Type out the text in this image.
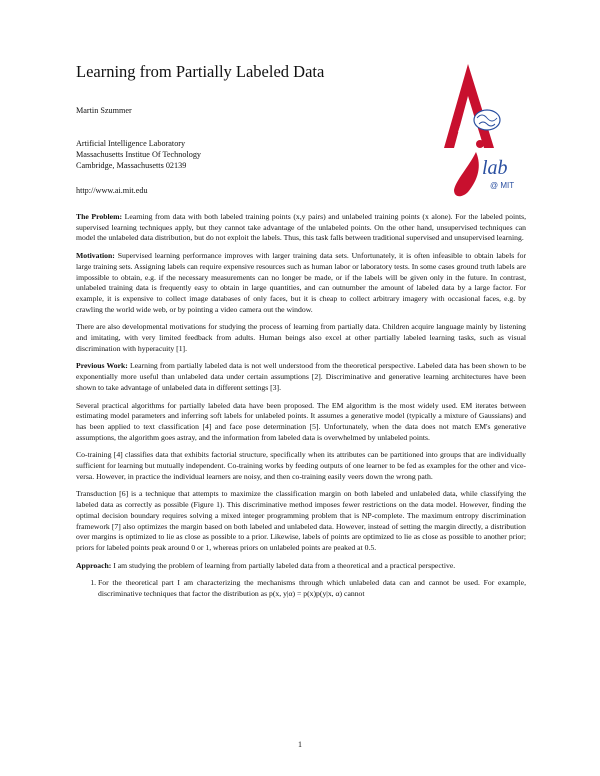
Learning from Partially Labeled Data
Martin Szummer
Artificial Intelligence Laboratory
Massachusetts Institue Of Technology
Cambridge, Massachusetts 02139
http://www.ai.mit.edu
lab
@ MIT

The Problem: Learning from data with both labeled training points (x,y pairs) and unlabeled training points (x alone). For the labeled points, supervised learning techniques apply, but they cannot take advantage of the unlabeled points. On the other hand, unsupervised techniques can model the unlabeled data distribution, but do not exploit the labels. Thus, this task falls between traditional supervised and unsupervised learning.

Motivation: Supervised learning performance improves with larger training data sets. Unfortunately, it is often infeasible to obtain labels for large training sets. Assigning labels can require expensive resources such as human labor or laboratory tests. In some cases ground truth labels are impossible to obtain, e.g. if the necessary measurements can no longer be made, or if the labels will be given only in the future. In contrast, unlabeled training data is frequently easy to obtain in large quantities, and can outnumber the amount of labeled data by a large factor. For example, it is expensive to collect image databases of only faces, but it is cheap to collect arbitrary imagery with occasional faces, e.g. by crawling the world wide web, or by pointing a video camera out the window.

There are also developmental motivations for studying the process of learning from partially data. Children acquire language mainly by listening and imitating, with very limited feedback from adults. Human beings also excel at other partially labeled learning tasks, such as visual discrimination with hyperacuity [1].

Previous Work: Learning from partially labeled data is not well understood from the theoretical perspective. Labeled data has been shown to be exponentially more useful than unlabeled data under certain assumptions [2]. Discriminative and generative learning architectures have been shown to take advantage of unlabeled data in different settings [3].

Several practical algorithms for partially labeled data have been proposed. The EM algorithm is the most widely used. EM iterates between estimating model parameters and inferring soft labels for unlabeled points. It assumes a generative model (typically a mixture of Gaussians) and has been applied to text classification [4] and face pose determination [5]. Unfortunately, when the data does not match EM's generative assumptions, the algorithm goes astray, and the information from labeled data is overwhelmed by unlabeled points.

Co-training [4] classifies data that exhibits factorial structure, specifically when its attributes can be partitioned into groups that are individually sufficient for learning but mutually independent. Co-training works by feeding outputs of one learner to be fed as examples for the other and vice-versa. However, in practice the individual learners are noisy, and then co-training easily veers down the wrong path.

Transduction [6] is a technique that attempts to maximize the classification margin on both labeled and unlabeled data, while classifying the labeled data as correctly as possible (Figure 1). This discriminative method imposes fewer restrictions on the data model. However, finding the optimal decision boundary requires solving a mixed integer programming problem that is NP-complete. The maximum entropy discrimination framework [7] also optimizes the margin based on both labeled and unlabeled data. However, instead of setting the margin directly, a distribution over margins is optimized to lie as close as possible to a prior. Likewise, labels of points are optimized to lie as close as possible to another prior; priors for labeled points peak around 0 or 1, whereas priors on unlabeled points are peaked at 0.5.

Approach: I am studying the problem of learning from partially labeled data from a theoretical and a practical perspective.

1. For the theoretical part I am characterizing the mechanisms through which unlabeled data can and cannot be used. For example, discriminative techniques that factor the distribution as p(x, y|α) = p(x)p(y|x, α) cannot
1
